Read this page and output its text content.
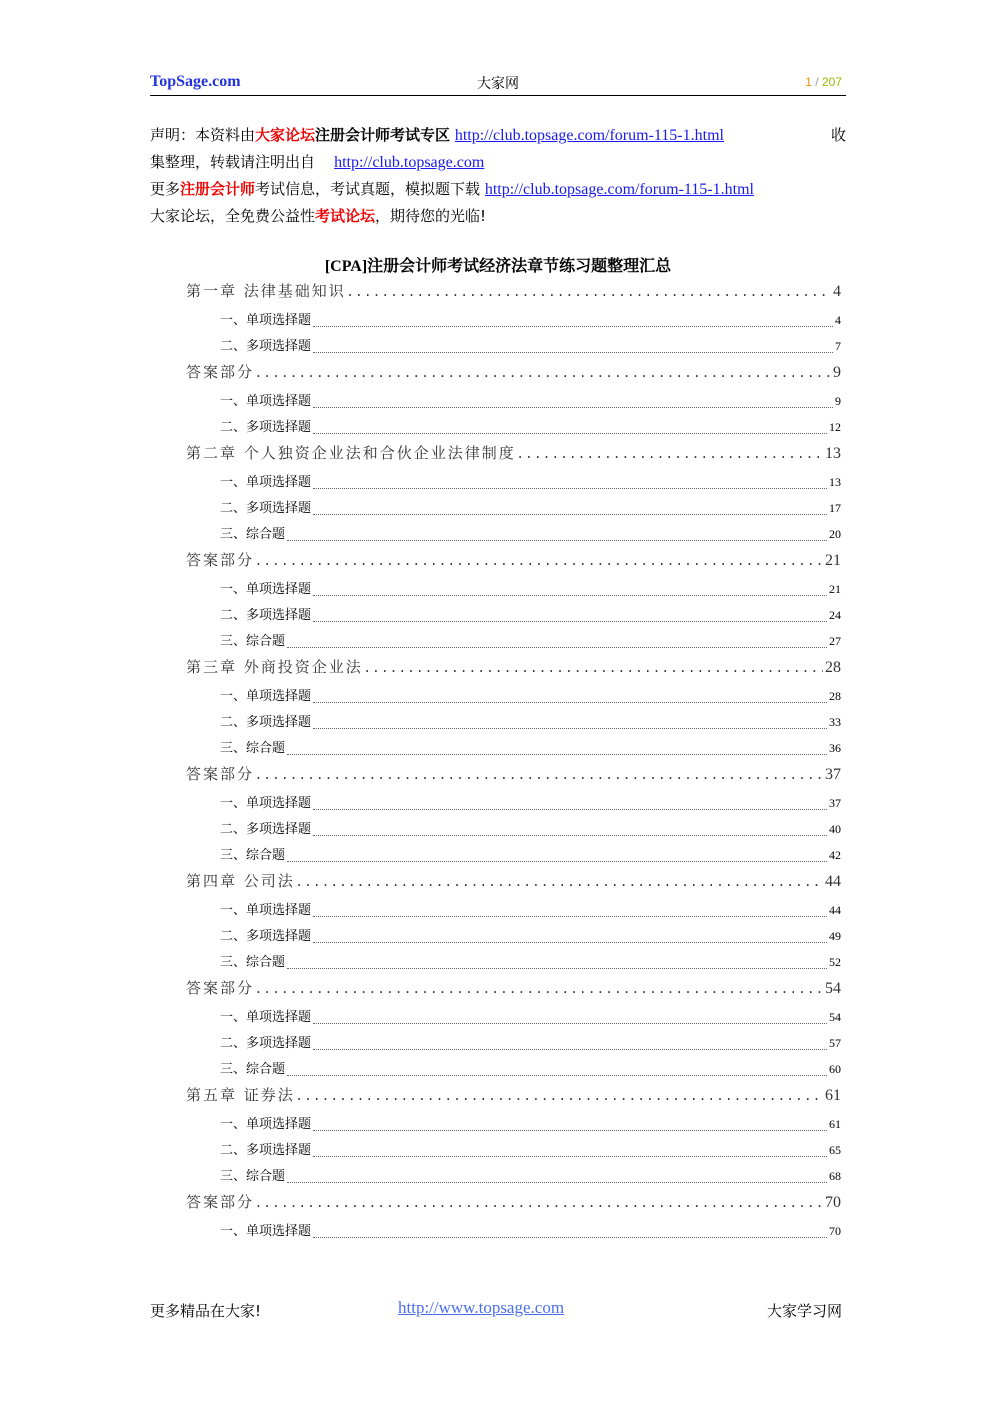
TopSage.com	大家网	1 / 207
声明：本资料由大家论坛注册会计师考试专区 http://club.topsage.com/forum-115-1.html	收
集整理，转载请注明出自 http://club.topsage.com
更多注册会计师考试信息，考试真题，模拟题下载 http://club.topsage.com/forum-115-1.html
大家论坛，全免费公益性考试论坛，期待您的光临!
[CPA]注册会计师考试经济法章节练习题整理汇总
第一章 法律基础知识 .....	4
一、单项选择题	4
二、多项选择题	7
答案部分 .....	9
一、单项选择题	9
二、多项选择题	12
第二章 个人独资企业法和合伙企业法律制度 .....	13
一、单项选择题	13
二、多项选择题	17
三、综合题	20
答案部分 .....	21
一、单项选择题	21
二、多项选择题	24
三、综合题	27
第三章 外商投资企业法 .....	28
一、单项选择题	28
二、多项选择题	33
三、综合题	36
答案部分 .....	37
一、单项选择题	37
二、多项选择题	40
三、综合题	42
第四章 公司法 .....	44
一、单项选择题	44
二、多项选择题	49
三、综合题	52
答案部分 .....	54
一、单项选择题	54
二、多项选择题	57
三、综合题	60
第五章 证券法 .....	61
一、单项选择题	61
二、多项选择题	65
三、综合题	68
答案部分 .....	70
一、单项选择题	70
更多精品在大家!	http://www.topsage.com	大家学习网
